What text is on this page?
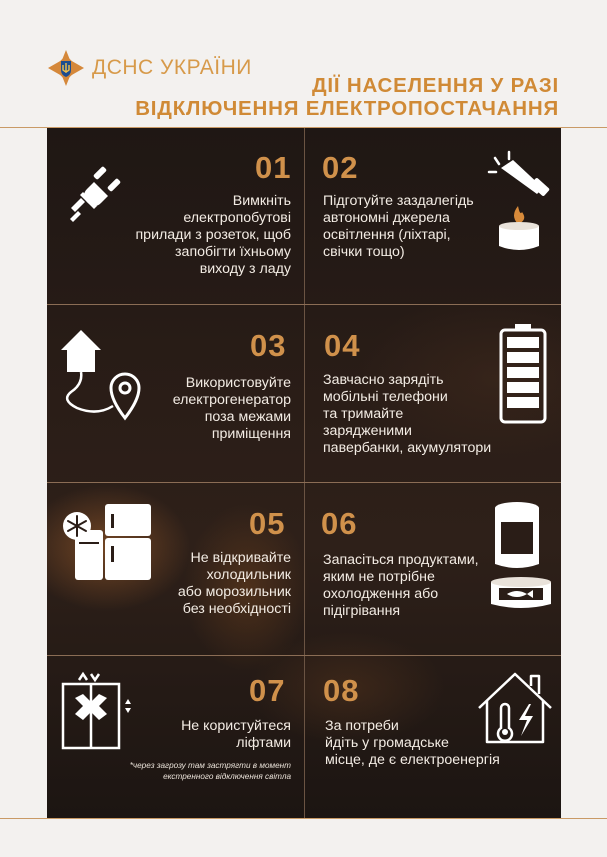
ДСНС УКРАЇНИ
ДІЇ НАСЕЛЕННЯ У РАЗІ
ВІДКЛЮЧЕННЯ ЕЛЕКТРОПОСТАЧАННЯ
01
Вимкніть
електропобутові
прилади з розеток, щоб
запобігти їхньому
виходу з ладу
02
Підготуйте заздалегідь
автономні джерела
освітлення (ліхтарі,
свічки тощо)
03
Використовуйте
електрогенератор
поза межами
приміщення
04
Завчасно зарядіть
мобільні телефони
та тримайте
зарядженими
павербанки, акумулятори
05
Не відкривайте
холодильник
або морозильник
без необхідності
06
Запасіться продуктами,
яким не потрібне
охолодження або
підігрівання
07
Не користуйтеся
ліфтами
*через загрозу там застрягти в момент
екстренного відключення світла
08
За потреби
йдіть у громадське
місце, де є електроенергія
